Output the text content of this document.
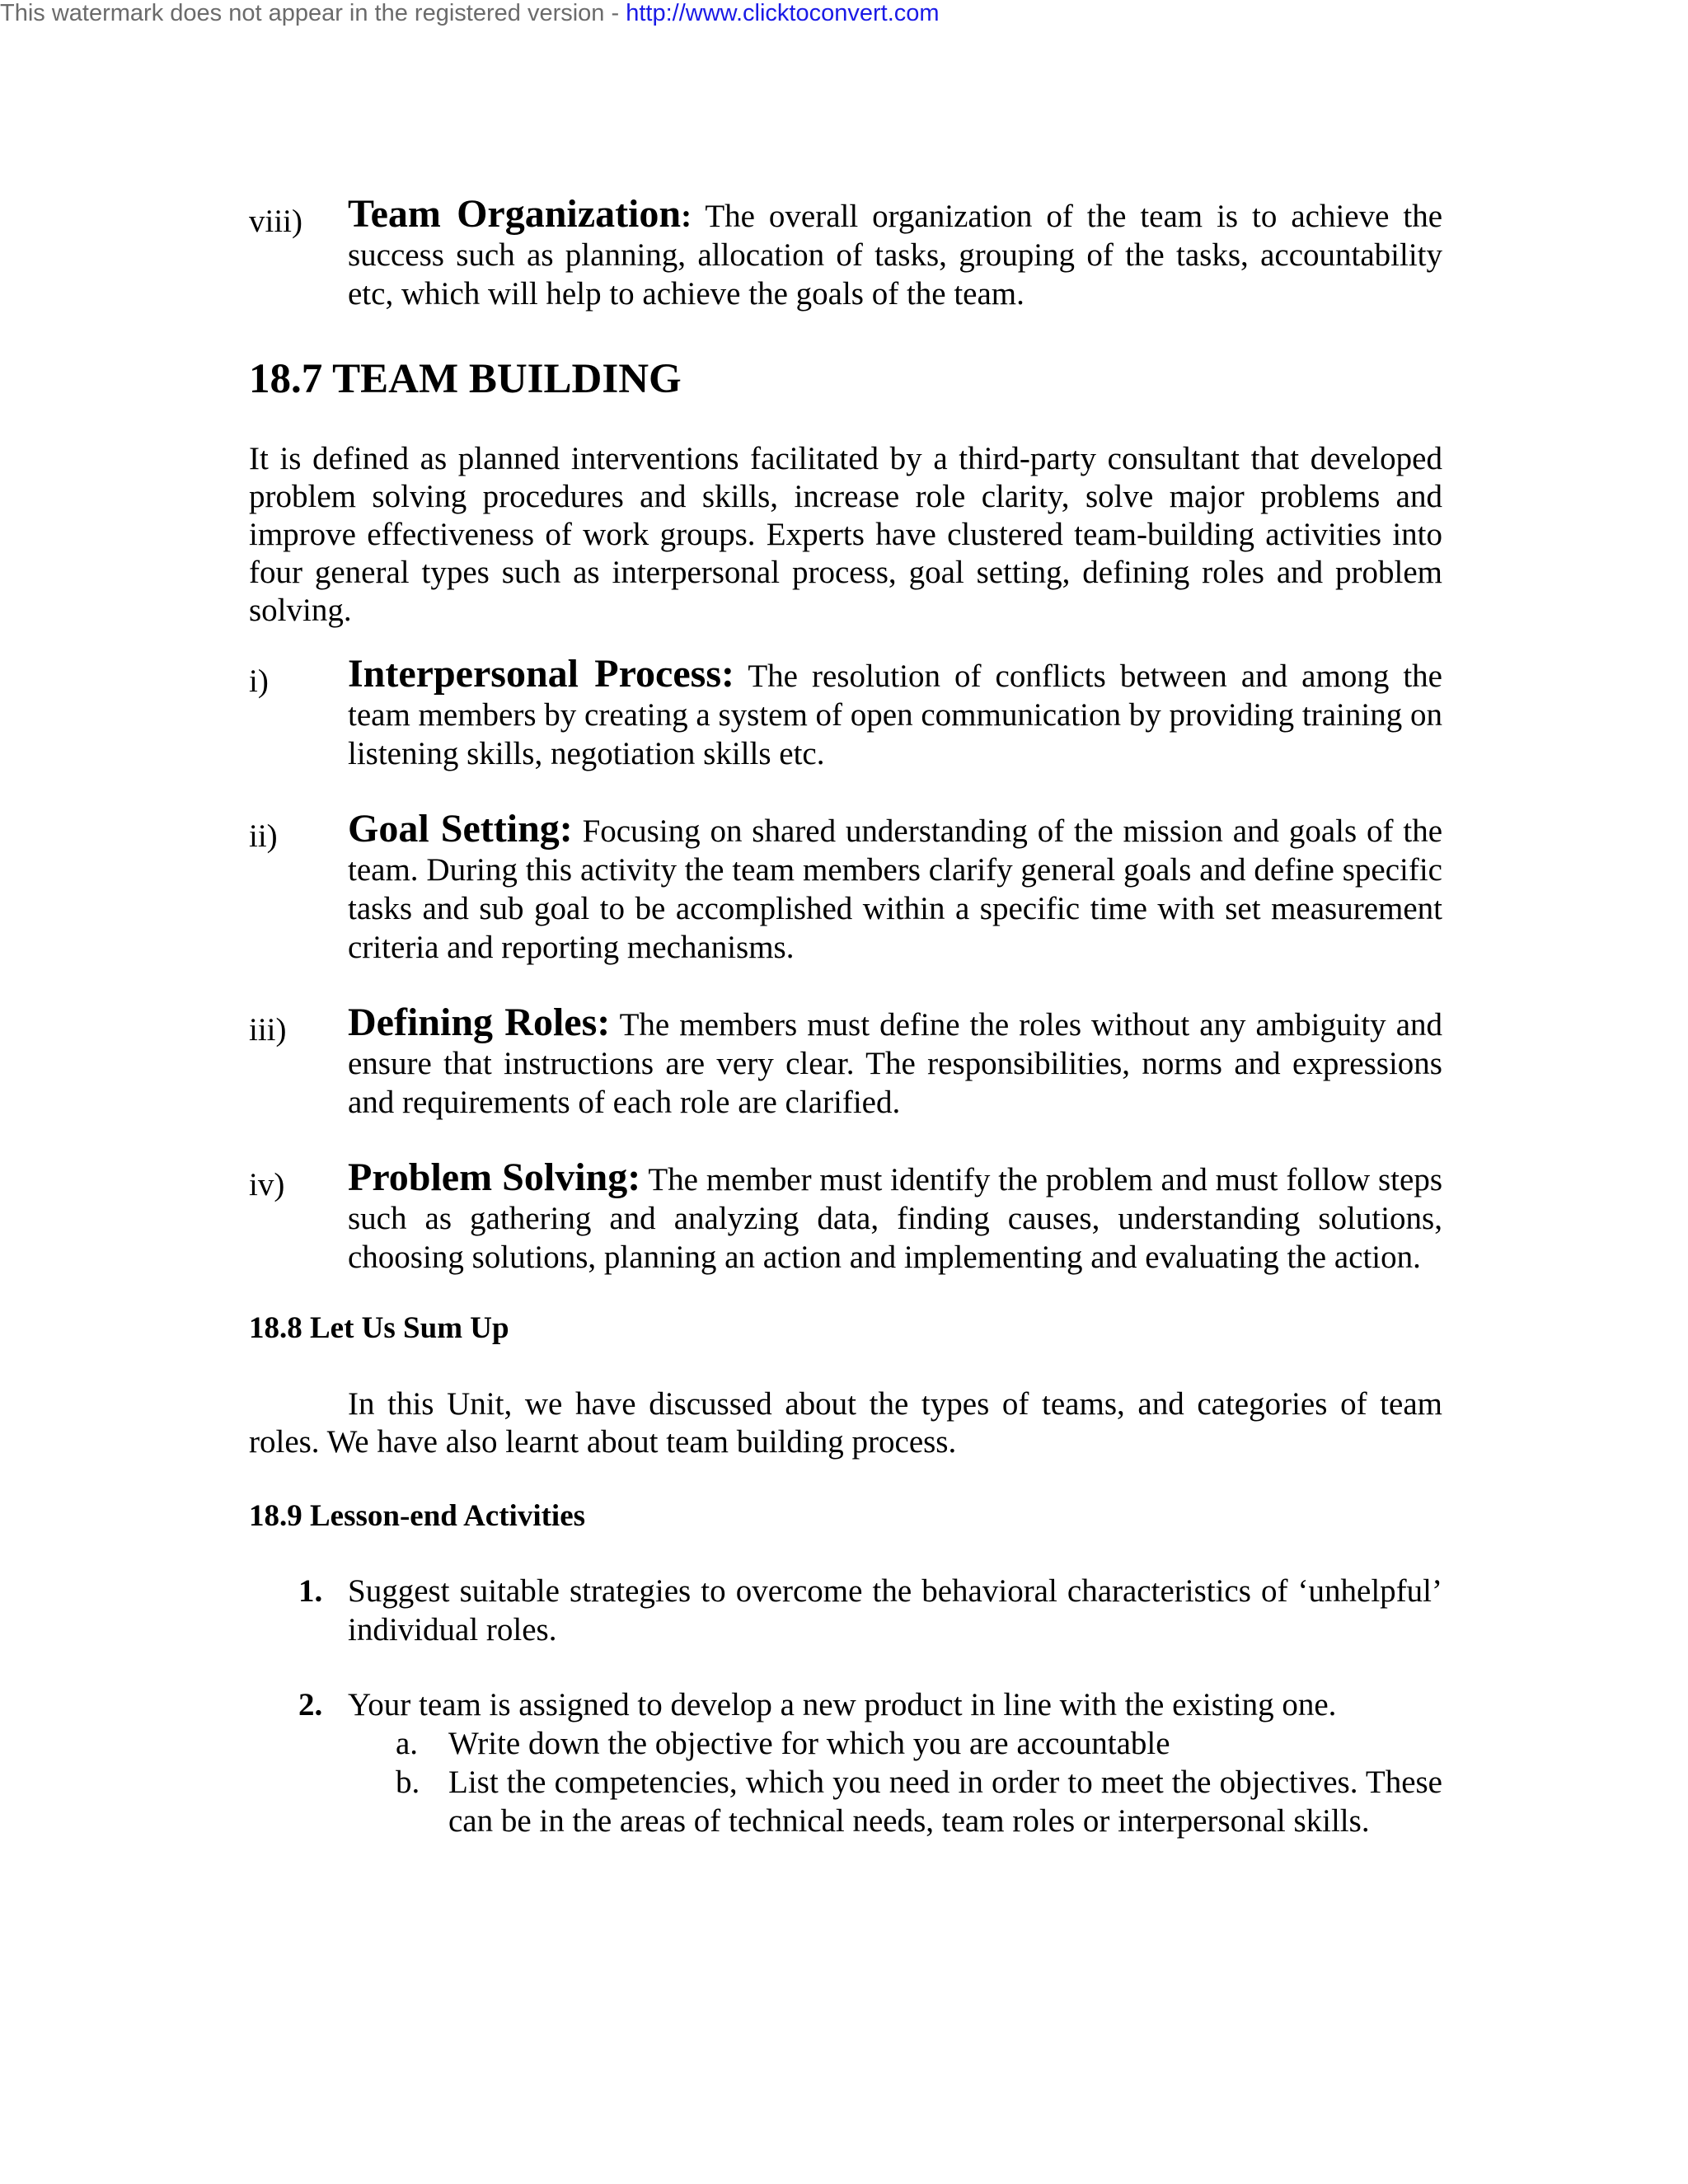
This watermark does not appear in the registered version - http://www.clicktoconvert.com
viii)	Team Organization: The overall organization of the team is to achieve the success such as planning, allocation of tasks, grouping of the tasks, accountability etc, which will help to achieve the goals of the team.
18.7 TEAM BUILDING

It is defined as planned interventions facilitated by a third-party consultant that developed problem solving procedures and skills, increase role clarity, solve major problems and improve effectiveness of work groups. Experts have clustered team-building activities into four general types such as interpersonal process, goal setting, defining roles and problem solving.

i)	Interpersonal Process: The resolution of conflicts between and among the team members by creating a system of open communication by providing training on listening skills, negotiation skills etc.
ii)	Goal Setting: Focusing on shared understanding of the mission and goals of the team. During this activity the team members clarify general goals and define specific tasks and sub goal to be accomplished within a specific time with set measurement criteria and reporting mechanisms.
iii)	Defining Roles: The members must define the roles without any ambiguity and ensure that instructions are very clear. The responsibilities, norms and expressions and requirements of each role are clarified.
iv)	Problem Solving: The member must identify the problem and must follow steps such as gathering and analyzing data, finding causes, understanding solutions, choosing solutions, planning an action and implementing and evaluating the action.
18.8 Let Us Sum Up

In this Unit, we have discussed about the types of teams, and categories of team roles. We have also learnt about team building process.

18.9 Lesson-end Activities
1. Suggest suitable strategies to overcome the behavioral characteristics of ‘unhelpful’ individual roles.
2. Your team is assigned to develop a new product in line with the existing one.
a. Write down the objective for which you are accountable
b. List the competencies, which you need in order to meet the objectives. These can be in the areas of technical needs, team roles or interpersonal skills.
